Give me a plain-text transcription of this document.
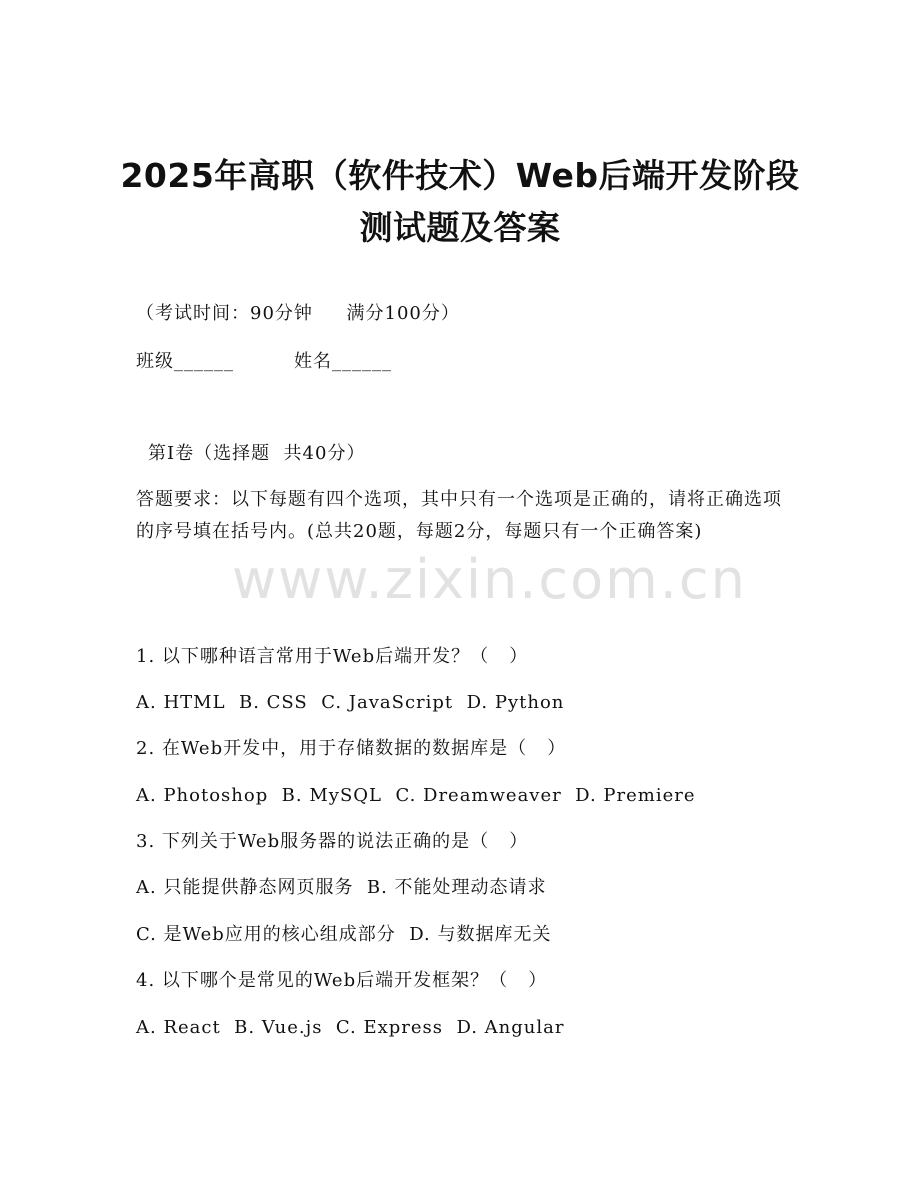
2025年高职（软件技术）Web后端开发阶段
测试题及答案
（考试时间：90分钟     满分100分）
班级______	姓名______
第I卷（选择题  共40分）
答题要求：以下每题有四个选项，其中只有一个选项是正确的，请将正确选项的序号填在括号内。(总共20题，每题2分，每题只有一个正确答案)
www.zixin.com.cn
1. 以下哪种语言常用于Web后端开发？（   ）
A. HTML  B. CSS  C. JavaScript  D. Python
2. 在Web开发中，用于存储数据的数据库是（   ）
A. Photoshop  B. MySQL  C. Dreamweaver  D. Premiere
3. 下列关于Web服务器的说法正确的是（   ）
A. 只能提供静态网页服务  B. 不能处理动态请求
C. 是Web应用的核心组成部分  D. 与数据库无关
4. 以下哪个是常见的Web后端开发框架？（   ）
A. React  B. Vue.js  C. Express  D. Angular
